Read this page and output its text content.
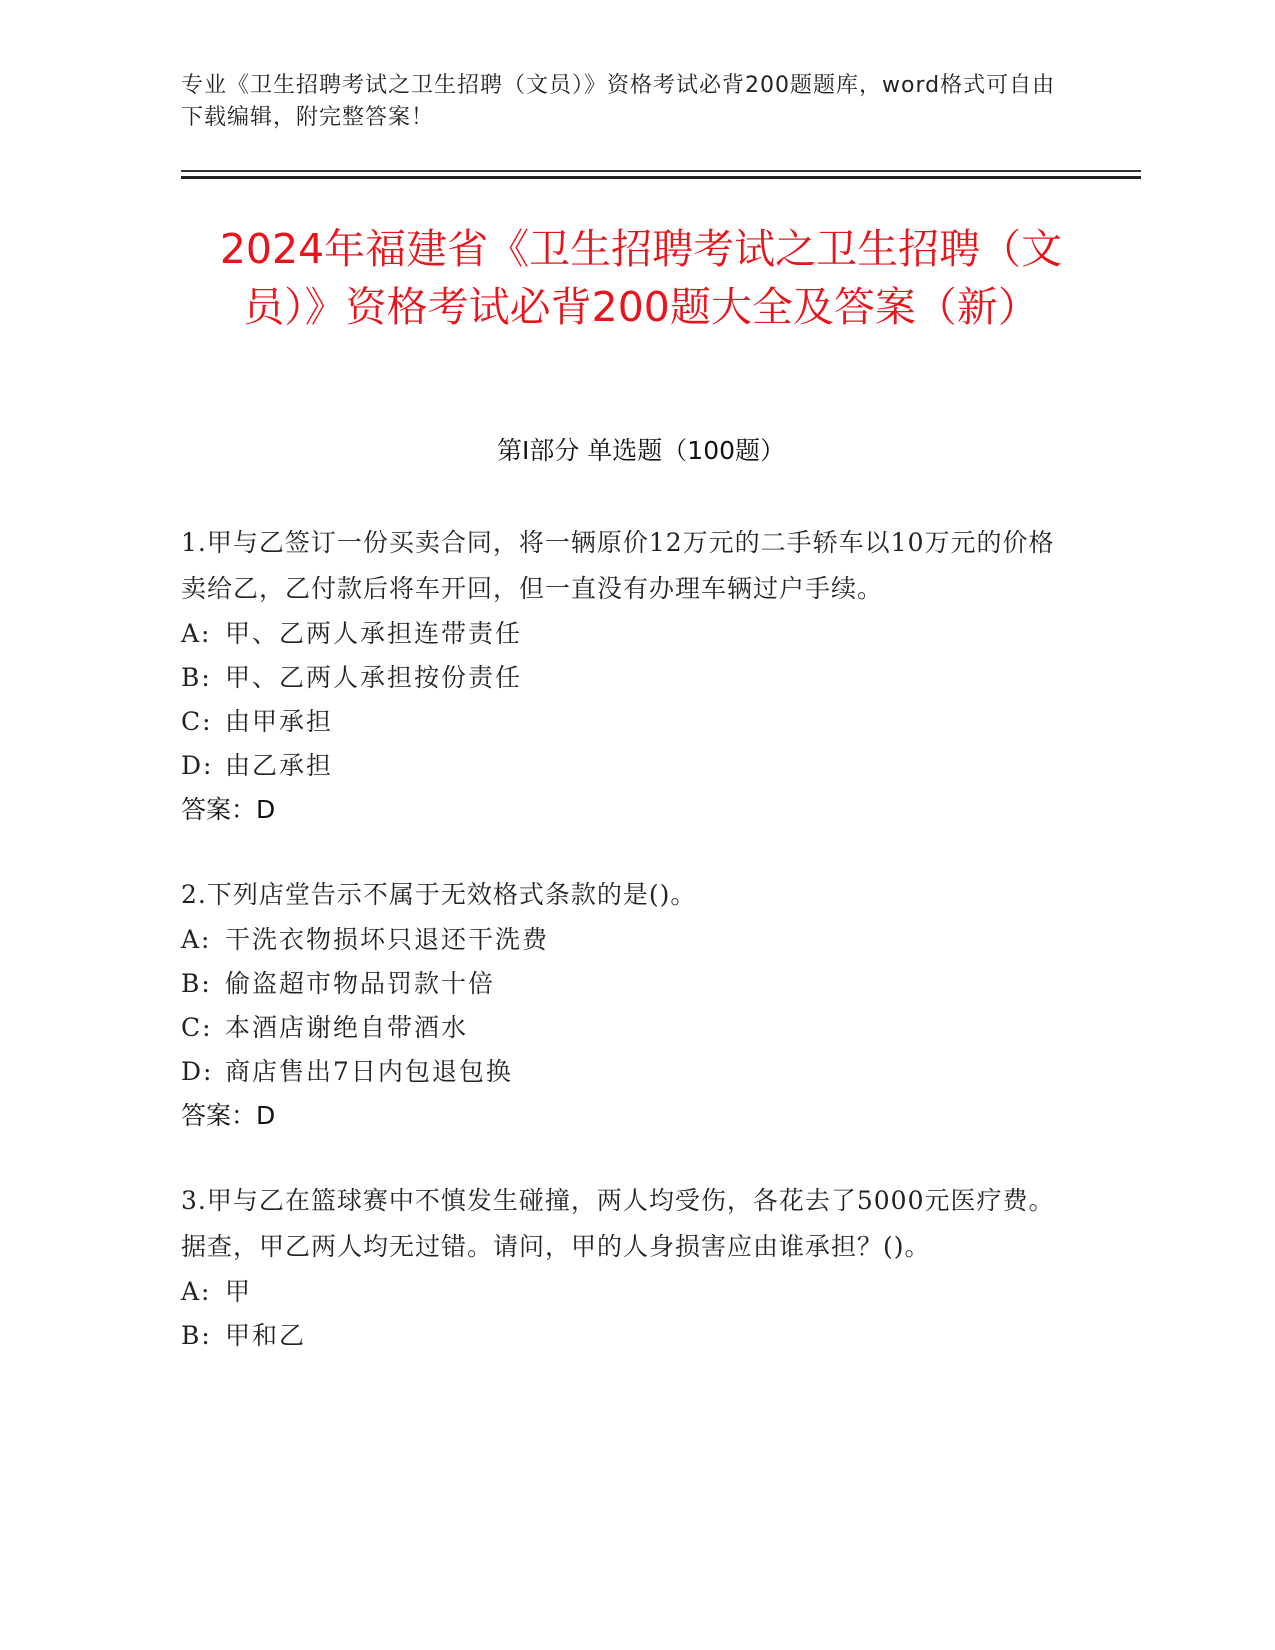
专业《卫生招聘考试之卫生招聘（文员）》资格考试必背200题题库，word格式可自由下载编辑，附完整答案！
2024年福建省《卫生招聘考试之卫生招聘（文员）》资格考试必背200题大全及答案（新）
第Ⅰ部分 单选题（100题）

1.甲与乙签订一份买卖合同，将一辆原价12万元的二手轿车以10万元的价格卖给乙，乙付款后将车开回，但一直没有办理车辆过户手续。

A: 甲、乙两人承担连带责任

B: 甲、乙两人承担按份责任

C: 由甲承担

D: 由乙承担

答案：D

2.下列店堂告示不属于无效格式条款的是()。

A: 干洗衣物损坏只退还干洗费

B: 偷盗超市物品罚款十倍

C: 本酒店谢绝自带酒水

D: 商店售出7日内包退包换

答案：D

3.甲与乙在篮球赛中不慎发生碰撞，两人均受伤，各花去了5000元医疗费。据查，甲乙两人均无过错。请问，甲的人身损害应由谁承担？()。

A: 甲

B: 甲和乙
